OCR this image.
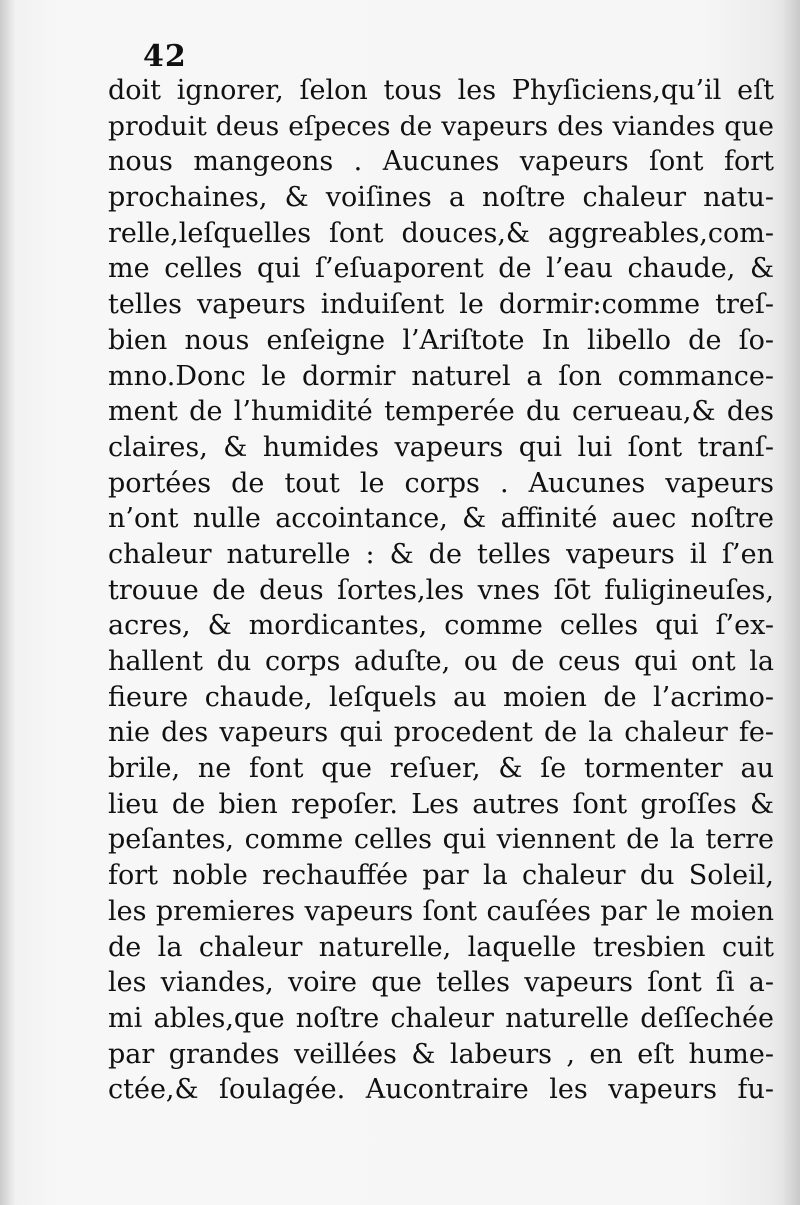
42
doit ignorer, ſelon tous les Phyſiciens,qu’il eſt
produit deus eſpeces de vapeurs des viandes que
nous mangeons . Aucunes vapeurs ſont fort
prochaines, & voiſines a noſtre chaleur natu-
relle,leſquelles ſont douces,& aggreables,com-
me celles qui ſ’eſuaporent de l’eau chaude, &
telles vapeurs induiſent le dormir:comme treſ-
bien nous enſeigne l’Ariſtote In libello de ſo-
mno.Donc le dormir naturel a ſon commance-
ment de l’humidité temperée du cerueau,& des
claires, & humides vapeurs qui lui ſont tranſ-
portées de tout le corps . Aucunes vapeurs
n’ont nulle accointance, & affinité auec noſtre
chaleur naturelle : & de telles vapeurs il ſ’en
trouue de deus ſortes,les vnes ſōt fuligineuſes,
acres, & mordicantes, comme celles qui ſ’ex-
hallent du corps aduſte, ou de ceus qui ont la
fieure chaude, leſquels au moien de l’acrimo-
nie des vapeurs qui procedent de la chaleur fe-
brile, ne font que reſuer, & ſe tormenter au
lieu de bien repoſer. Les autres ſont groſſes &
peſantes, comme celles qui viennent de la terre
fort noble rechauffée par la chaleur du Soleil,
les premieres vapeurs ſont cauſées par le moien
de la chaleur naturelle, laquelle tresbien cuit
les viandes, voire que telles vapeurs ſont ſi a-
mi ables,que noſtre chaleur naturelle deſſechée
par grandes veillées & labeurs , en eſt hume-
ctée,& ſoulagée. Aucontraire les vapeurs fu-
